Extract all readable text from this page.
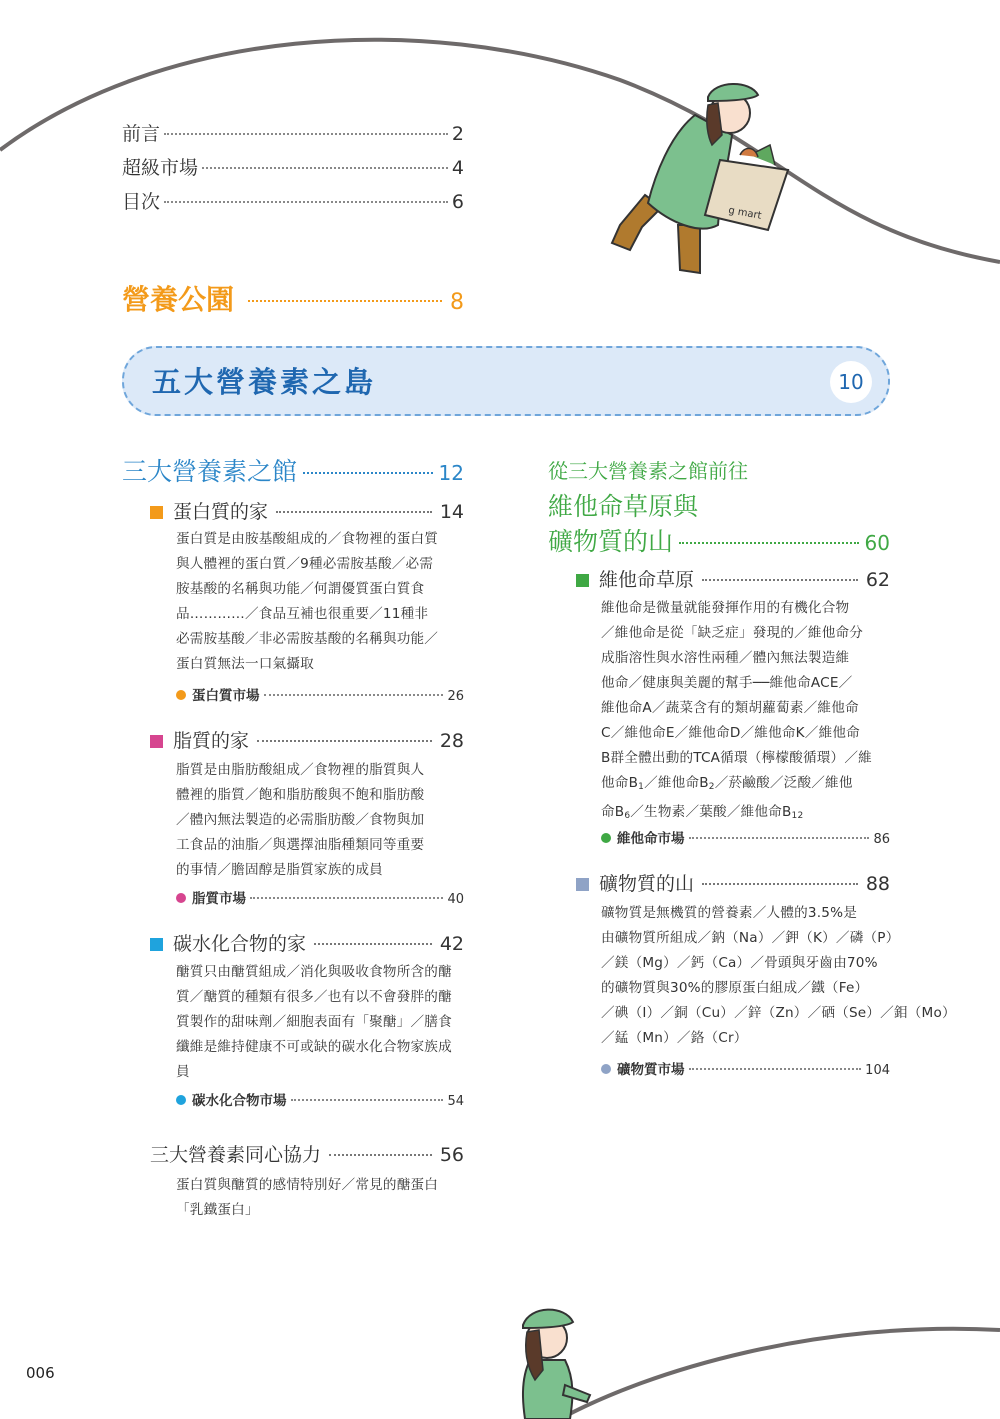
g mart
前言	2
超級市場	4
目次	6
營養公園	8
五大營養素之島	10
三大營養素之館	12
蛋白質的家	14
蛋白質是由胺基酸組成的／食物裡的蛋白質
與人體裡的蛋白質／9種必需胺基酸／必需
胺基酸的名稱與功能／何謂優質蛋白質食
品…………／食品互補也很重要／11種非
必需胺基酸／非必需胺基酸的名稱與功能／
蛋白質無法一口氣攝取
蛋白質市場	26
脂質的家	28
脂質是由脂肪酸組成／食物裡的脂質與人
體裡的脂質／飽和脂肪酸與不飽和脂肪酸
／體內無法製造的必需脂肪酸／食物與加
工食品的油脂／與選擇油脂種類同等重要
的事情／膽固醇是脂質家族的成員
脂質市場	40
碳水化合物的家	42
醣質只由醣質組成／消化與吸收食物所含的醣
質／醣質的種類有很多／也有以不會發胖的醣
質製作的甜味劑／細胞表面有「聚醣」／膳食
纖維是維持健康不可或缺的碳水化合物家族成
員
碳水化合物市場	54
三大營養素同心協力	56
蛋白質與醣質的感情特別好／常見的醣蛋白
「乳鐵蛋白」
從三大營養素之館前往
維他命草原與
礦物質的山	60
維他命草原	62
維他命是微量就能發揮作用的有機化合物
／維他命是從「缺乏症」發現的／維他命分
成脂溶性與水溶性兩種／體內無法製造維
他命／健康與美麗的幫手──維他命ACE／
維他命A／蔬菜含有的類胡蘿蔔素／維他命
C／維他命E／維他命D／維他命K／維他命
B群全體出動的TCA循環（檸檬酸循環）／維
他命$B_1/$維他命$B_2/$菸鹼酸／泛酸／維他
命$B_6/$生物素／葉酸／維他命$B_{12}$
維他命市場	86
礦物質的山	88
礦物質是無機質的營養素／人體的3.5%是
由礦物質所組成／鈉（Na）／鉀（K）／磷（P）
／鎂（Mg）／鈣（Ca）／骨頭與牙齒由70%
的礦物質與30%的膠原蛋白組成／鐵（Fe）
／碘（I）／銅（Cu）／鋅（Zn）／硒（Se）／鉬（Mo）
／錳（Mn）／鉻（Cr）
礦物質市場	104
006
